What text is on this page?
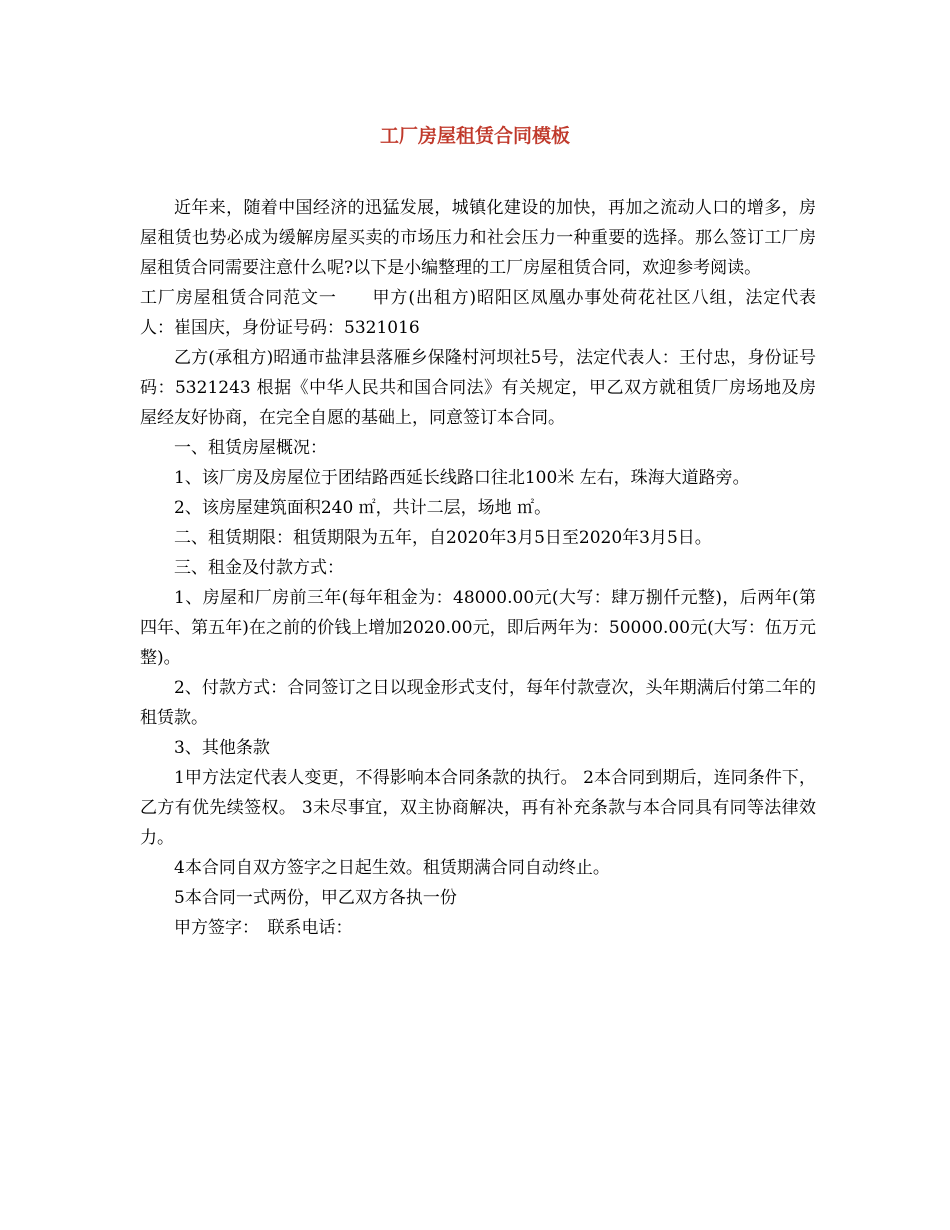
工厂房屋租赁合同模板

近年来，随着中国经济的迅猛发展，城镇化建设的加快，再加之流动人口的增多，房屋租赁也势必成为缓解房屋买卖的市场压力和社会压力一种重要的选择。那么签订工厂房屋租赁合同需要注意什么呢?以下是小编整理的工厂房屋租赁合同，欢迎参考阅读。

工厂房屋租赁合同范文一　　甲方(出租方)昭阳区凤凰办事处荷花社区八组，法定代表人：崔国庆，身份证号码：5321016

乙方(承租方)昭通市盐津县落雁乡保隆村河坝社5号，法定代表人：王付忠，身份证号码：5321243 根据《中华人民共和国合同法》有关规定，甲乙双方就租赁厂房场地及房屋经友好协商，在完全自愿的基础上，同意签订本合同。

一、租赁房屋概况：

1、该厂房及房屋位于团结路西延长线路口往北100米 左右，珠海大道路旁。

2、该房屋建筑面积240 ㎡，共计二层，场地 ㎡。

二、租赁期限：租赁期限为五年，自2020年3月5日至2020年3月5日。

三、租金及付款方式：

1、房屋和厂房前三年(每年租金为：48000.00元(大写：肆万捌仟元整)，后两年(第四年、第五年)在之前的价钱上增加2020.00元，即后两年为：50000.00元(大写：伍万元整)。

2、付款方式：合同签订之日以现金形式支付，每年付款壹次，头年期满后付第二年的租赁款。

3、其他条款

1甲方法定代表人变更，不得影响本合同条款的执行。 2本合同到期后，连同条件下，乙方有优先续签权。 3未尽事宜，双主协商解决，再有补充条款与本合同具有同等法律效力。

4本合同自双方签字之日起生效。租赁期满合同自动终止。

5本合同一式两份，甲乙双方各执一份

甲方签字：　联系电话：
